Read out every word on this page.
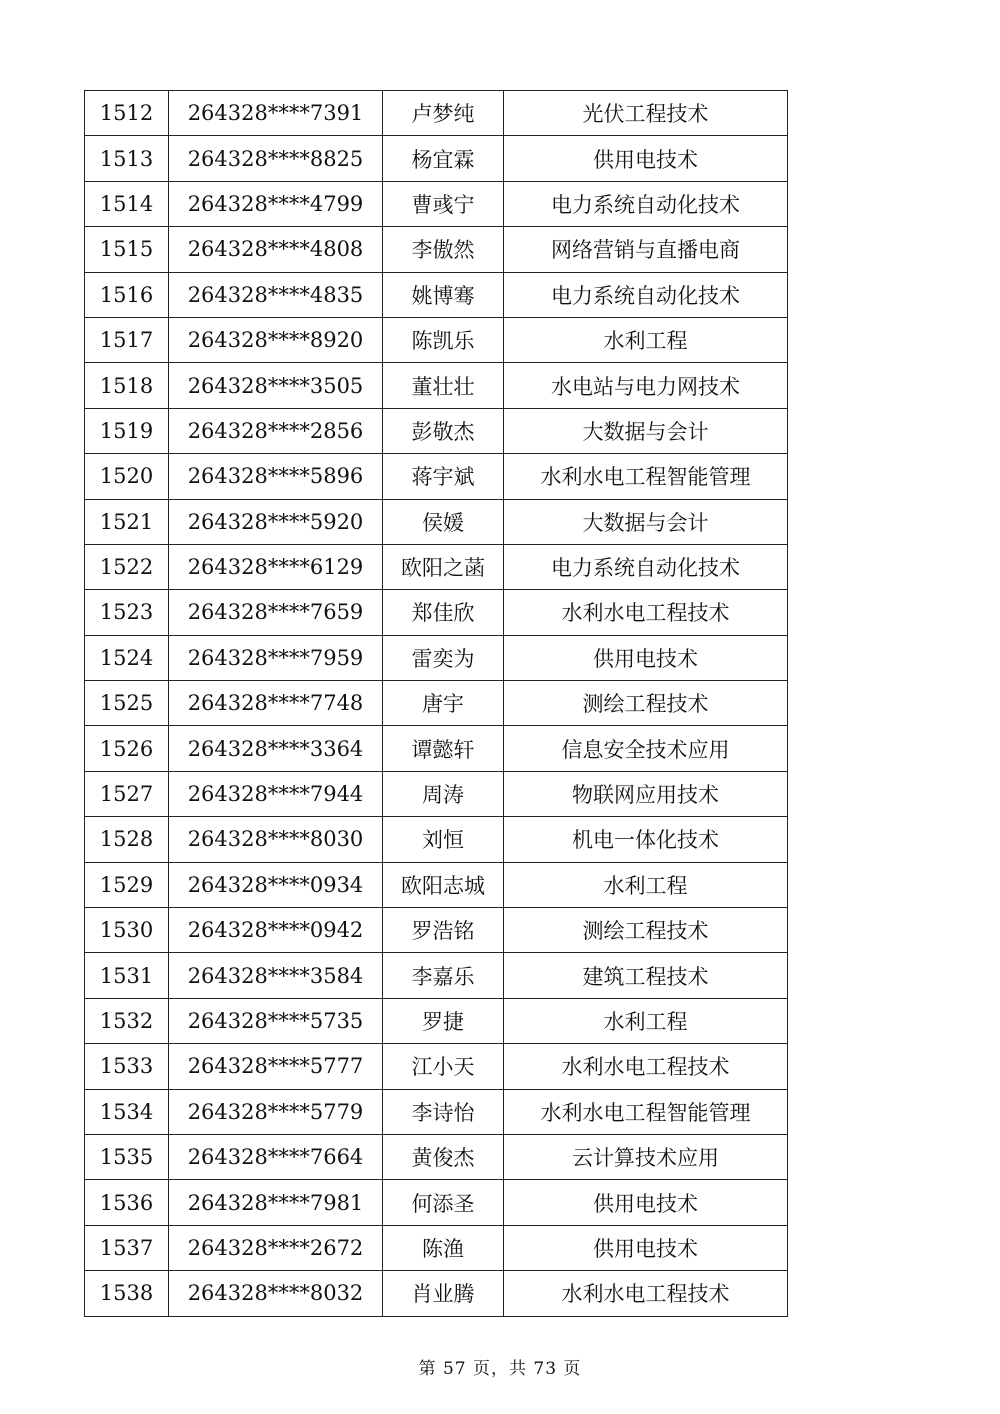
1512	264328****7391	卢梦纯	光伏工程技术
1513	264328****8825	杨宜霖	供用电技术
1514	264328****4799	曹彧宁	电力系统自动化技术
1515	264328****4808	李傲然	网络营销与直播电商
1516	264328****4835	姚博骞	电力系统自动化技术
1517	264328****8920	陈凯乐	水利工程
1518	264328****3505	董壮壮	水电站与电力网技术
1519	264328****2856	彭敬杰	大数据与会计
1520	264328****5896	蒋宇斌	水利水电工程智能管理
1521	264328****5920	侯媛	大数据与会计
1522	264328****6129	欧阳之菡	电力系统自动化技术
1523	264328****7659	郑佳欣	水利水电工程技术
1524	264328****7959	雷奕为	供用电技术
1525	264328****7748	唐宇	测绘工程技术
1526	264328****3364	谭懿轩	信息安全技术应用
1527	264328****7944	周涛	物联网应用技术
1528	264328****8030	刘恒	机电一体化技术
1529	264328****0934	欧阳志城	水利工程
1530	264328****0942	罗浩铭	测绘工程技术
1531	264328****3584	李嘉乐	建筑工程技术
1532	264328****5735	罗捷	水利工程
1533	264328****5777	江小天	水利水电工程技术
1534	264328****5779	李诗怡	水利水电工程智能管理
1535	264328****7664	黄俊杰	云计算技术应用
1536	264328****7981	何添圣	供用电技术
1537	264328****2672	陈渔	供用电技术
1538	264328****8032	肖业腾	水利水电工程技术
第 57 页，共 73 页
